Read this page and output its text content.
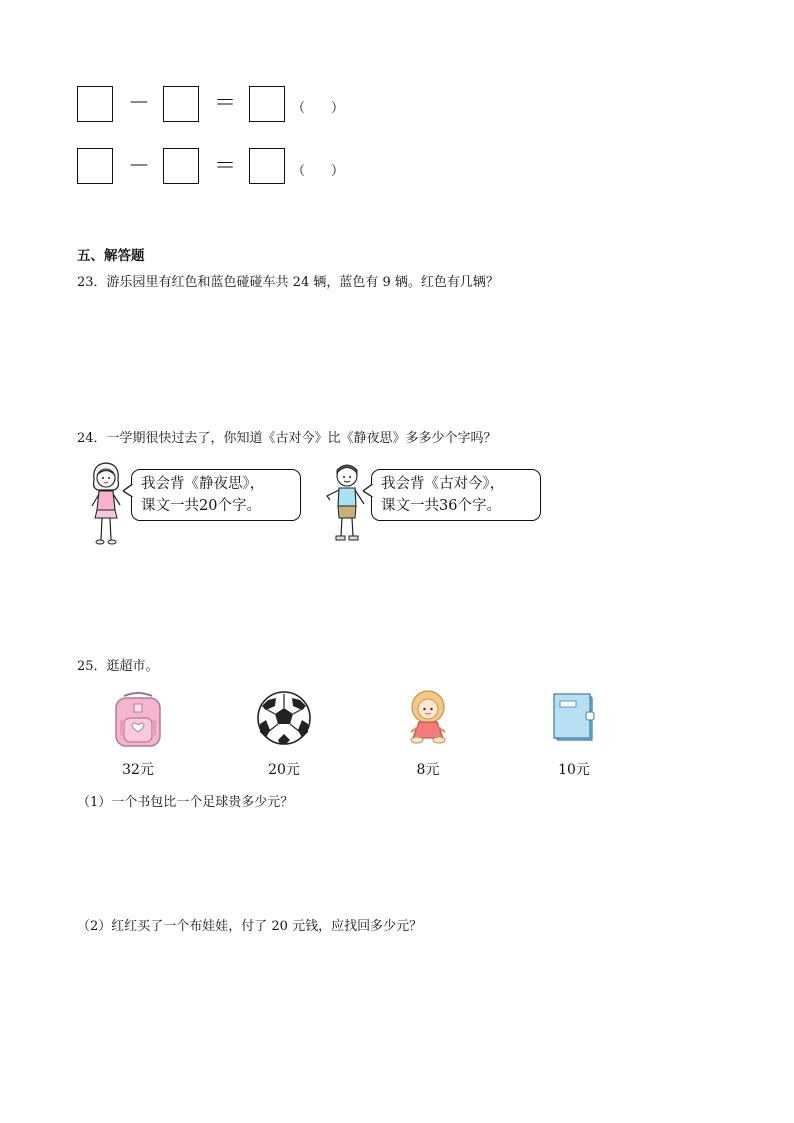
－	＝	（　　）
－	＝	（　　）
五、解答题
23．游乐园里有红色和蓝色碰碰车共 24 辆，蓝色有 9 辆。红色有几辆？
24．一学期很快过去了，你知道《古对今》比《静夜思》多多少个字吗？
我会背《静夜思》，
课文一共20个字。
我会背《古对今》，
课文一共36个字。
25．逛超市。
32元	20元	8元	10元
（1）一个书包比一个足球贵多少元？
（2）红红买了一个布娃娃，付了 20 元钱，应找回多少元？
